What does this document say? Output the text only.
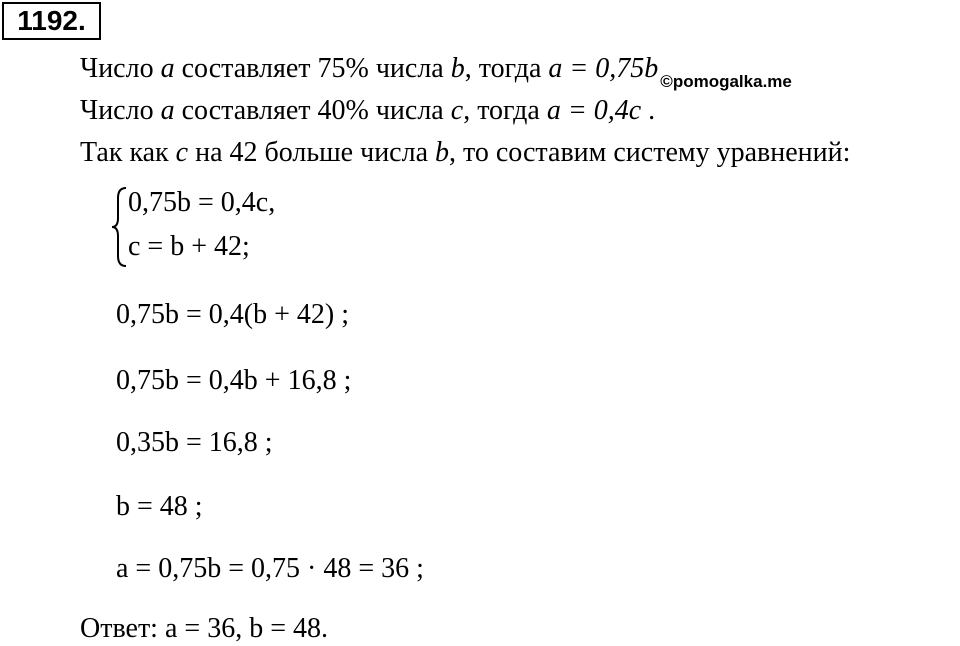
1192.
Число a составляет 75% числа b, тогда a = 0,75b $_{©pomogalka.me}$
Число a составляет 40% числа c, тогда a = 0,4c .
Так как c на 42 больше числа b, то составим систему уравнений:
0,75b = 0,4c,
c = b + 42;
0,75b = 0,4(b + 42) ;
0,75b = 0,4b + 16,8 ;
0,35b = 16,8 ;
b = 48 ;
a = 0,75b = 0,75 · 48 = 36 ;
Ответ: a = 36, b = 48.
